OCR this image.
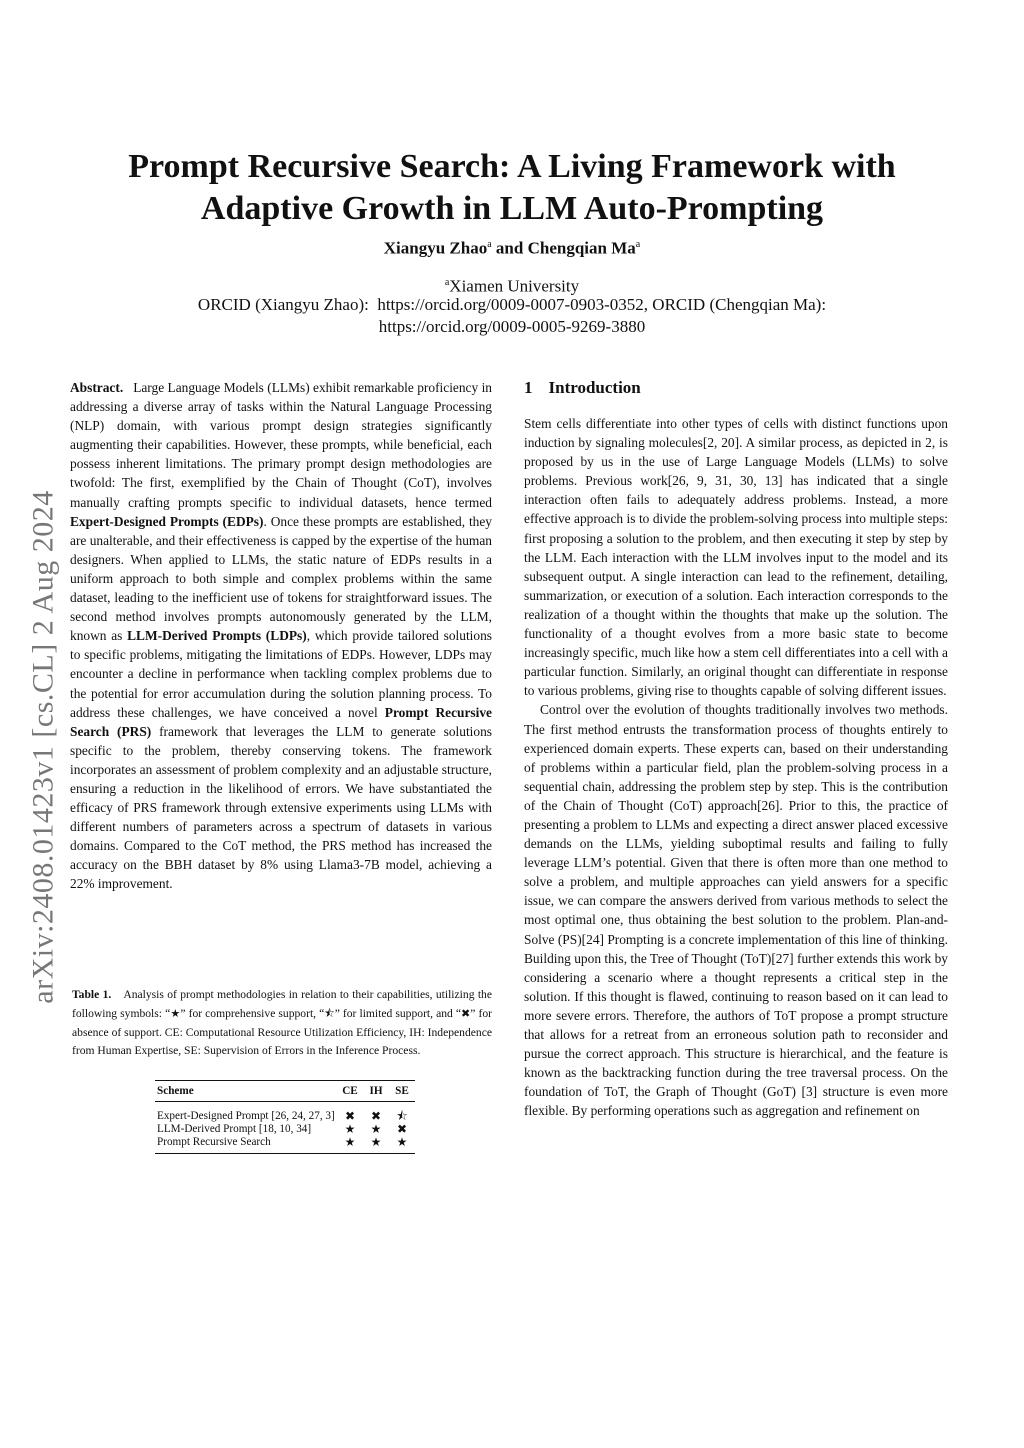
arXiv:2408.01423v1 [cs.CL] 2 Aug 2024
Prompt Recursive Search: A Living Framework with
Adaptive Growth in LLM Auto-Prompting
Xiangyu Zhao$^a$ and Chengqian Ma$^a$
$^a$Xiamen University
ORCID (Xiangyu Zhao):  https://orcid.org/0009-0007-0903-0352, ORCID (Chengqian Ma):
https://orcid.org/0009-0005-9269-3880
Abstract. Large Language Models (LLMs) exhibit remarkable proficiency in addressing a diverse array of tasks within the Natural Language Processing (NLP) domain, with various prompt design strategies significantly augmenting their capabilities. However, these prompts, while beneficial, each possess inherent limitations. The primary prompt design methodologies are twofold: The first, exemplified by the Chain of Thought (CoT), involves manually crafting prompts specific to individual datasets, hence termed Expert-Designed Prompts (EDPs). Once these prompts are established, they are unalterable, and their effectiveness is capped by the expertise of the human designers. When applied to LLMs, the static nature of EDPs results in a uniform approach to both simple and complex problems within the same dataset, leading to the inefficient use of tokens for straightforward issues. The second method involves prompts autonomously generated by the LLM, known as LLM-Derived Prompts (LDPs), which provide tailored solutions to specific problems, mitigating the limitations of EDPs. However, LDPs may encounter a decline in performance when tackling complex problems due to the potential for error accumulation during the solution planning process. To address these challenges, we have conceived a novel Prompt Recursive Search (PRS) framework that leverages the LLM to generate solutions specific to the problem, thereby conserving tokens. The framework incorporates an assessment of problem complexity and an adjustable structure, ensuring a reduction in the likelihood of errors. We have substantiated the efficacy of PRS framework through extensive experiments using LLMs with different numbers of parameters across a spectrum of datasets in various domains. Compared to the CoT method, the PRS method has increased the accuracy on the BBH dataset by 8% using Llama3-7B model, achieving a 22% improvement.
Table 1. Analysis of prompt methodologies in relation to their capabilities, utilizing the following symbols: “★” for comprehensive support, “⯪” for limited support, and “✖” for absence of support. CE: Computational Resource Utilization Efficiency, IH: Independence from Human Expertise, SE: Supervision of Errors in the Inference Process.
Scheme	CE	IH	SE
Expert-Designed Prompt [26, 24, 27, 3]	✖	✖	⯪
LLM-Derived Prompt [18, 10, 34]	★	★	✖
Prompt Recursive Search	★	★	★
1 Introduction

Stem cells differentiate into other types of cells with distinct functions upon induction by signaling molecules[2, 20]. A similar process, as depicted in 2, is proposed by us in the use of Large Language Models (LLMs) to solve problems. Previous work[26, 9, 31, 30, 13] has indicated that a single interaction often fails to adequately address problems. Instead, a more effective approach is to divide the problem-solving process into multiple steps: first proposing a solution to the problem, and then executing it step by step by the LLM. Each interaction with the LLM involves input to the model and its subsequent output. A single interaction can lead to the refinement, detailing, summarization, or execution of a solution. Each interaction corresponds to the realization of a thought within the thoughts that make up the solution. The functionality of a thought evolves from a more basic state to become increasingly specific, much like how a stem cell differentiates into a cell with a particular function. Similarly, an original thought can differentiate in response to various problems, giving rise to thoughts capable of solving different issues.

Control over the evolution of thoughts traditionally involves two methods. The first method entrusts the transformation process of thoughts entirely to experienced domain experts. These experts can, based on their understanding of problems within a particular field, plan the problem-solving process in a sequential chain, addressing the problem step by step. This is the contribution of the Chain of Thought (CoT) approach[26]. Prior to this, the practice of presenting a problem to LLMs and expecting a direct answer placed excessive demands on the LLMs, yielding suboptimal results and failing to fully leverage LLM’s potential. Given that there is often more than one method to solve a problem, and multiple approaches can yield answers for a specific issue, we can compare the answers derived from various methods to select the most optimal one, thus obtaining the best solution to the problem. Plan-and-Solve (PS)[24] Prompting is a concrete implementation of this line of thinking. Building upon this, the Tree of Thought (ToT)[27] further extends this work by considering a scenario where a thought represents a critical step in the solution. If this thought is flawed, continuing to reason based on it can lead to more severe errors. Therefore, the authors of ToT propose a prompt structure that allows for a retreat from an erroneous solution path to reconsider and pursue the correct approach. This structure is hierarchical, and the feature is known as the backtracking function during the tree traversal process. On the foundation of ToT, the Graph of Thought (GoT) [3] structure is even more flexible. By performing operations such as aggregation and refinement on
